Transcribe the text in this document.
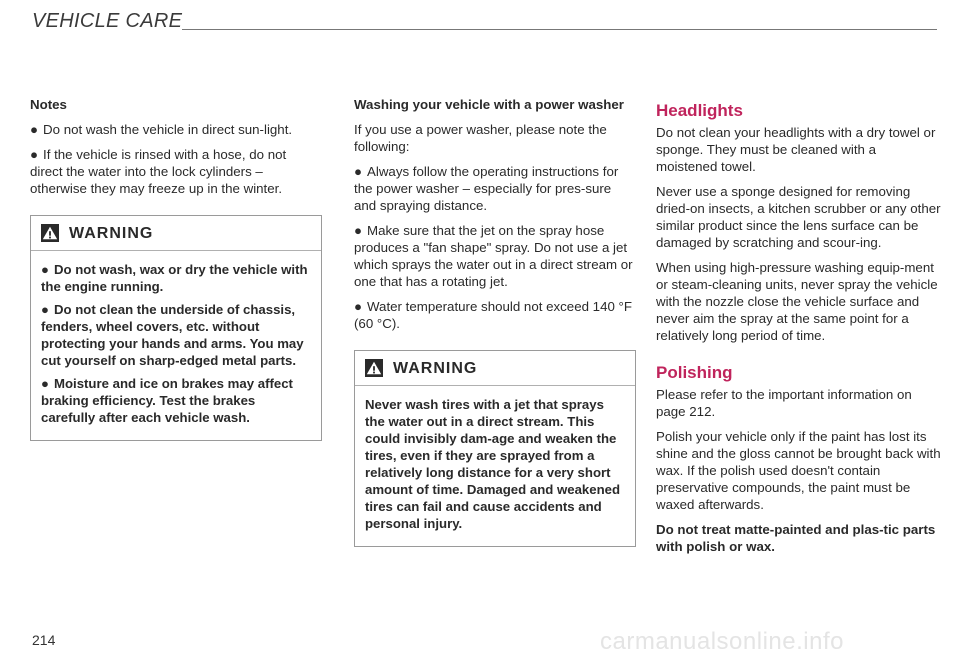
VEHICLE CARE
Notes

● Do not wash the vehicle in direct sun-light.

● If the vehicle is rinsed with a hose, do not direct the water into the lock cylinders – otherwise they may freeze up in the winter.

WARNING

● Do not wash, wax or dry the vehicle with the engine running.

● Do not clean the underside of chassis, fenders, wheel covers, etc. without protecting your hands and arms. You may cut yourself on sharp-edged metal parts.

● Moisture and ice on brakes may affect braking efficiency. Test the brakes carefully after each vehicle wash.

Washing your vehicle with a power washer

If you use a power washer, please note the following:

● Always follow the operating instructions for the power washer – especially for pres-sure and spraying distance.

● Make sure that the jet on the spray hose produces a "fan shape" spray. Do not use a jet which sprays the water out in a direct stream or one that has a rotating jet.

● Water temperature should not exceed 140 °F (60 °C).

WARNING

Never wash tires with a jet that sprays the water out in a direct stream. This could invisibly dam-age and weaken the tires, even if they are sprayed from a relatively long distance for a very short amount of time. Damaged and weakened tires can fail and cause accidents and personal injury.

Headlights

Do not clean your headlights with a dry towel or sponge. They must be cleaned with a moistened towel.

Never use a sponge designed for removing dried-on insects, a kitchen scrubber or any other similar product since the lens surface can be damaged by scratching and scour-ing.

When using high-pressure washing equip-ment or steam-cleaning units, never spray the vehicle with the nozzle close the vehicle surface and never aim the spray at the same point for a relatively long period of time.

Polishing

Please refer to the important information on page 212.

Polish your vehicle only if the paint has lost its shine and the gloss cannot be brought back with wax. If the polish used doesn't contain preservative compounds, the paint must be waxed afterwards.

Do not treat matte-painted and plas-tic parts with polish or wax.

214	carmanualsonline.info
